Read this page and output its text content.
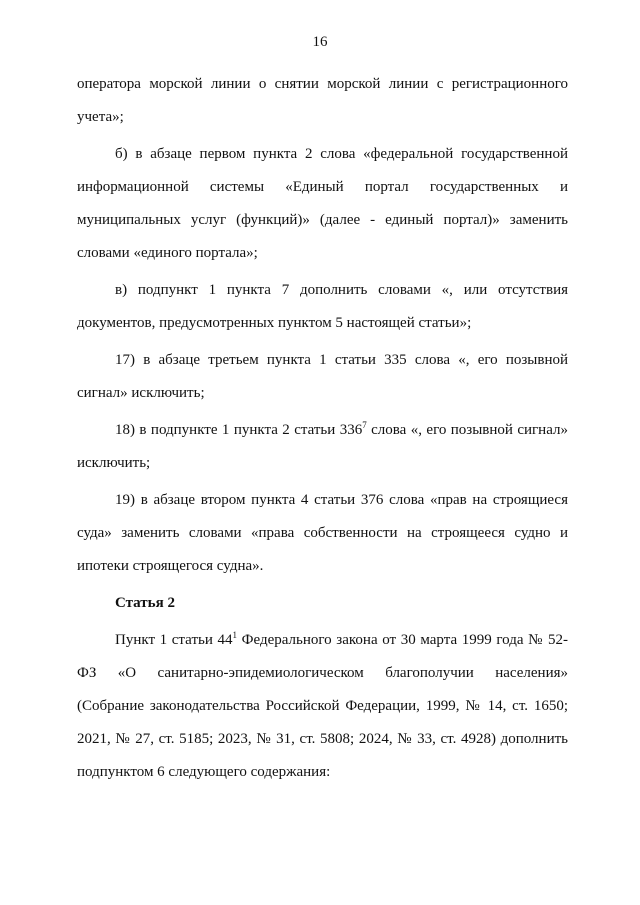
16

оператора морской линии о снятии морской линии с регистрационного учета»;

б) в абзаце первом пункта 2 слова «федеральной государственной информационной системы «Единый портал государственных и муниципальных услуг (функций)» (далее - единый портал)» заменить словами «единого портала»;

в) подпункт 1 пункта 7 дополнить словами «, или отсутствия документов, предусмотренных пунктом 5 настоящей статьи»;

17) в абзаце третьем пункта 1 статьи 335 слова «, его позывной сигнал» исключить;

18) в подпункте 1 пункта 2 статьи $336^7$ слова «, его позывной сигнал» исключить;

19) в абзаце втором пункта 4 статьи 376 слова «прав на строящиеся суда» заменить словами «права собственности на строящееся судно и ипотеки строящегося судна».

Статья 2

Пункт 1 статьи $44^1$ Федерального закона от 30 марта 1999 года № 52-ФЗ «О санитарно-эпидемиологическом благополучии населения» (Собрание законодательства Российской Федерации, 1999, № 14, ст. 1650; 2021, № 27, ст. 5185; 2023, № 31, ст. 5808; 2024, № 33, ст. 4928) дополнить подпунктом 6 следующего содержания:
